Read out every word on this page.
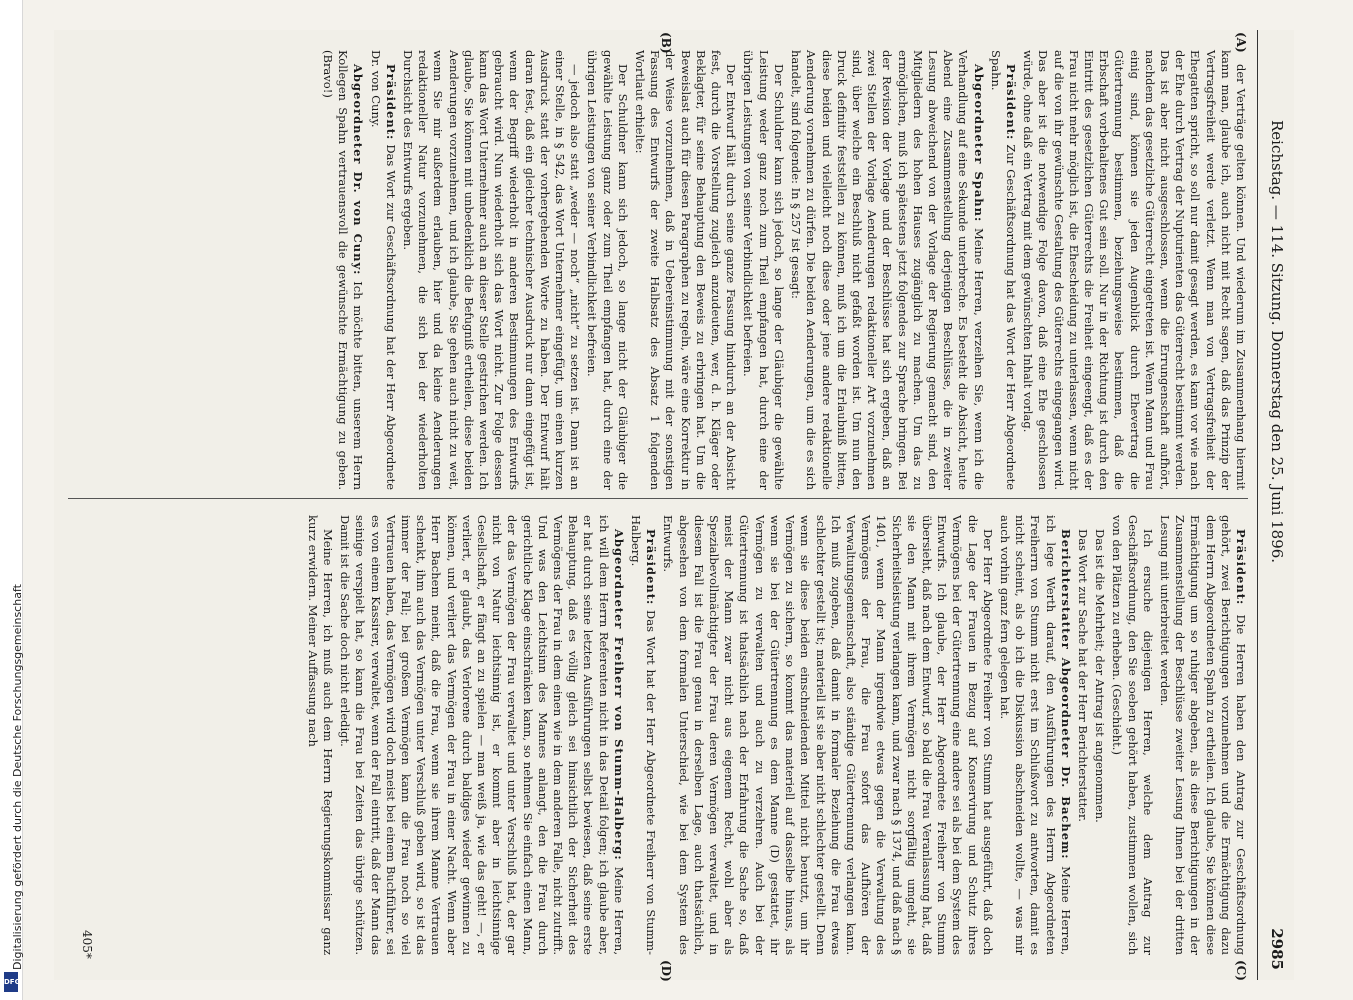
Digitalisierung gefördert durch die Deutsche Forschungsgemeinschaft
DFG
Reichstag. — 114. Sitzung. Donnerstag den 25. Juni 1896.
2985

der Verträge gelten können. Und wiederum im Zusammenhang hiermit kann man, glaube ich, auch nicht mit Recht sagen, daß das Prinzip der Vertragsfreiheit werde verletzt. Wenn man von Vertragsfreiheit der Ehegatten spricht, so soll nur damit gesagt werden, es kann vor wie nach der Ehe durch Vertrag der Nupturienten das Güterrecht bestimmt werden. Das ist aber nicht ausgeschlossen, wenn die Errungenschaft aufhört, nachdem das gesetzliche Güterrecht eingetreten ist. Wenn Mann und Frau einig sind, können sie jeden Augenblick durch Ehevertrag die Gütertrennung bestimmen, beziehungsweise bestimmen, daß die Erbschaft vorbehaltenes Gut sein soll. Nur in der Richtung ist durch den Eintritt des gesetzlichen Güterrechts die Freiheit eingeengt, daß es der Frau nicht mehr möglich ist, die Ehescheidung zu unterlassen, wenn nicht auf die von ihr gewünschte Gestaltung des Güterrechts eingegangen wird. Das aber ist die notwendige Folge davon, daß eine Ehe geschlossen würde, ohne daß ein Vertrag mit dem gewünschten Inhalt vorlag.

Präsident: Zur Geschäftsordnung hat das Wort der Herr Abgeordnete Spahn.

Abgeordneter Spahn: Meine Herren, verzeihen Sie, wenn ich die Verhandlung auf eine Sekunde unterbreche. Es besteht die Absicht, heute Abend eine Zusammenstellung derjenigen Beschlüsse, die in zweiter Lesung abweichend von der Vorlage der Regierung gemacht sind, den Mitgliedern des hohen Hauses zugänglich zu machen. Um das zu ermöglichen, muß ich spätestens jetzt folgendes zur Sprache bringen. Bei der Revision der Vorlage und der Beschlüsse hat sich ergeben, daß an zwei Stellen der Vorlage Aenderungen redaktioneller Art vorzunehmen sind, über welche ein Beschluß nicht gefaßt worden ist. Um nun den Druck definitiv feststellen zu können, muß ich um die Erlaubniß bitten, diese beiden und vielleicht noch diese oder jene andere redaktionelle Aenderung vornehmen zu dürfen. Die beiden Aenderungen, um die es sich handelt, sind folgende: In § 257 ist gesagt:

Der Schuldner kann sich jedoch, so lange der Gläubiger die gewählte Leistung weder ganz noch zum Theil empfangen hat, durch eine der übrigen Leistungen von seiner Verbindlichkeit befreien.

Der Entwurf hält durch seine ganze Fassung hindurch an der Absicht fest, durch die Vorstellung zugleich anzudeuten, wer, d. h. Kläger oder Beklagter, für seine Behauptung den Beweis zu erbringen hat. Um die Beweislast auch für diesen Paragraphen zu regeln, wäre eine Korrektur in der Weise vorzunehmen, daß in Uebereinstimmung mit der sonstigen Fassung des Entwurfs der zweite Halbsatz des Absatz 1 folgenden Wortlaut erhielte:

Der Schuldner kann sich jedoch, so lange nicht der Gläubiger die gewählte Leistung ganz oder zum Theil empfangen hat, durch eine der übrigen Leistungen von seiner Verbindlichkeit befreien.

— jedoch also statt „weder — noch“ „nicht“ zu setzen ist. Dann ist an einer Stelle, in § 542, das Wort Unternehmer eingefügt, um einen kurzen Ausdruck statt der vorhergehenden Worte zu haben. Der Entwurf hält daran fest, daß ein gleicher technischer Ausdruck nur dann eingefügt ist, wenn der Begriff wiederholt in anderen Bestimmungen des Entwurfs gebraucht wird. Nun wiederholt sich das Wort nicht. Zur Folge dessen kann das Wort Unternehmer auch an dieser Stelle gestrichen werden. Ich glaube, Sie können mit unbedenklich die Befugniß ertheilen, diese beiden Aenderungen vorzunehmen, und ich glaube, Sie gehen auch nicht zu weit, wenn Sie mir außerdem erlauben, hier und da kleine Aenderungen redaktioneller Natur vorzunehmen, die sich bei der wiederholten Durchsicht des Entwurfs ergeben.

Präsident: Das Wort zur Geschäftsordnung hat der Herr Abgeordnete Dr. von Cuny.

Abgeordneter Dr. von Cuny: Ich möchte bitten, unserem Herrn Kollegen Spahn vertrauensvoll die gewünschte Ermächtigung zu geben. (Bravo!)

Präsident: Die Herren haben den Antrag zur Geschäftsordnung gehört, zwei Berichtigungen vorzunehmen und die Ermächtigung dazu dem Herrn Abgeordneten Spahn zu ertheilen. Ich glaube, Sie können diese Ermächtigung um so ruhiger abgeben, als diese Berichtigungen in der Zusammenstellung der Beschlüsse zweiter Lesung Ihnen bei der dritten Lesung mit unterbreitet werden.

Ich ersuche diejenigen Herren, welche dem Antrag zur Geschäftsordnung, den Sie soeben gehört haben, zustimmen wollen, sich von den Plätzen zu erheben. (Geschieht.)

Das ist die Mehrheit; der Antrag ist angenommen.

Das Wort zur Sache hat der Herr Berichterstatter.

Berichterstatter Abgeordneter Dr. Bachem: Meine Herren, ich lege Werth darauf, den Ausführungen des Herrn Abgeordneten Freiherrn von Stumm nicht erst im Schlußwort zu antworten, damit es nicht scheint, als ob ich die Diskussion abschneiden wollte, — was mir auch vorhin ganz fern gelegen hat.

Der Herr Abgeordnete Freiherr von Stumm hat ausgeführt, daß doch die Lage der Frauen in Bezug auf Konservirung und Schutz ihres Vermögens bei der Gütertrennung eine andere sei als bei dem System des Entwurfs. Ich glaube, der Herr Abgeordnete Freiherr von Stumm übersieht, daß nach dem Entwurf, so bald die Frau Veranlassung hat, daß sie den Mann mit ihrem Vermögen nicht sorgfältig umgeht, sie Sicherheitsleistung verlangen kann, und zwar nach § 1374, und daß nach § 1401, wenn der Mann irgendwie etwas gegen die Verwaltung des Vermögens der Frau, die Frau sofort das Aufhören der Verwaltungsgemeinschaft, also ständige Gütertrennung verlangen kann. Ich muß zugeben, daß damit in formaler Beziehung die Frau etwas schlechter gestellt ist; materiell ist sie aber nicht schlechter gestellt. Denn wenn sie diese beiden einschneidenden Mittel nicht benutzt, um ihr Vermögen zu sichern, so kommt das materiell auf dasselbe hinaus, als wenn sie bei der Gütertrennung es dem Manne (D) gestattet, ihr Vermögen zu verwalten und auch zu verzehren. Auch bei der Gütertrennung ist thatsächlich nach der Erfahrung die Sache so, daß meist der Mann zwar nicht aus eigenem Recht, wohl aber als Spezialbevollmächtigter der Frau deren Vermögen verwaltet, und in diesem Fall ist die Frau genau in derselben Lage, auch thatsächlich, abgesehen von dem formalen Unterschied, wie bei dem System des Entwurfs.

Präsident: Das Wort hat der Herr Abgeordnete Freiherr von Stumm-Halberg.

Abgeordneter Freiherr von Stumm-Halberg: Meine Herren, ich will dem Herrn Referenten nicht in das Detail folgen; ich glaube aber, er hat durch seine letzten Ausführungen selbst bewiesen, daß seine erste Behauptung, daß es völlig gleich sei hinsichtlich der Sicherheit des Vermögens der Frau in dem einen wie in dem anderen Falle, nicht zutrifft. Und was den Leichtsinn des Mannes anlangt, den die Frau durch gerichtliche Klage einschränken kann, so nehmen Sie einfach einen Mann, der das Vermögen der Frau verwaltet und unter Verschluß hat, der gar nicht von Natur leichtsinnig ist, er kommt aber in leichtsinnige Gesellschaft, er fängt an zu spielen — man weiß ja, wie das geht! —, er verliert, er glaubt, das Verlorene durch baldiges wieder gewinnen zu können, und verliert das Vermögen der Frau in einer Nacht. Wenn aber Herr Bachem meint, daß die Frau, wenn sie ihrem Manne Vertrauen schenkt, ihm auch das Vermögen unter Verschluß geben wird, so ist das immer der Fall; bei großem Vermögen kann die Frau noch so viel Vertrauen haben, das Vermögen wird doch meist bei einem Buchführer, sei es von einem Kassirer, verwaltet, wenn der Fall eintritt, daß der Mann das seinige verspielt hat, so kann die Frau bei Zeiten das übrige schützen. Damit ist die Sache doch nicht erledigt.

Meine Herren, ich muß auch dem Herrn Regierungskommissar ganz kurz erwidern. Meiner Auffassung nach

(A)
(B)
(C)
(D)
405*
